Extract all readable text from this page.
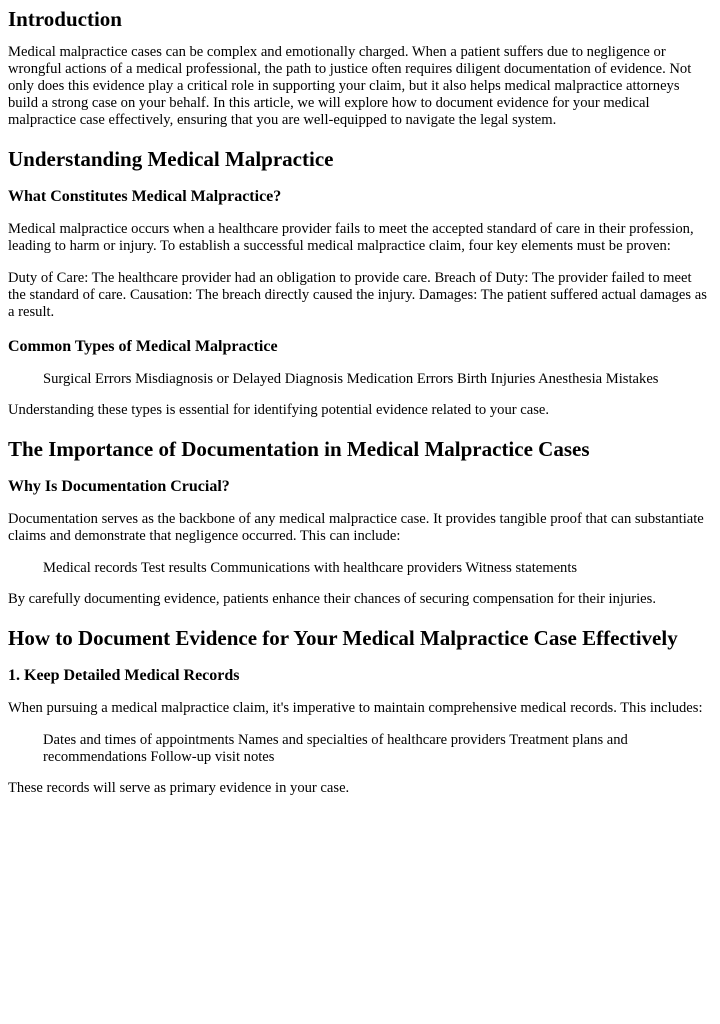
Introduction

Medical malpractice cases can be complex and emotionally charged. When a patient suffers due to negligence or wrongful actions of a medical professional, the path to justice often requires diligent documentation of evidence. Not only does this evidence play a critical role in supporting your claim, but it also helps medical malpractice attorneys build a strong case on your behalf. In this article, we will explore how to document evidence for your medical malpractice case effectively, ensuring that you are well-equipped to navigate the legal system.

Understanding Medical Malpractice
What Constitutes Medical Malpractice?

Medical malpractice occurs when a healthcare provider fails to meet the accepted standard of care in their profession, leading to harm or injury. To establish a successful medical malpractice claim, four key elements must be proven:

Duty of Care: The healthcare provider had an obligation to provide care. Breach of Duty: The provider failed to meet the standard of care. Causation: The breach directly caused the injury. Damages: The patient suffered actual damages as a result.

Common Types of Medical Malpractice
Surgical Errors Misdiagnosis or Delayed Diagnosis Medication Errors Birth Injuries Anesthesia Mistakes

Understanding these types is essential for identifying potential evidence related to your case.

The Importance of Documentation in Medical Malpractice Cases
Why Is Documentation Crucial?

Documentation serves as the backbone of any medical malpractice case. It provides tangible proof that can substantiate claims and demonstrate that negligence occurred. This can include:

Medical records Test results Communications with healthcare providers Witness statements

By carefully documenting evidence, patients enhance their chances of securing compensation for their injuries.

How to Document Evidence for Your Medical Malpractice Case Effectively
1. Keep Detailed Medical Records

When pursuing a medical malpractice claim, it's imperative to maintain comprehensive medical records. This includes:

Dates and times of appointments Names and specialties of healthcare providers Treatment plans and recommendations Follow-up visit notes

These records will serve as primary evidence in your case.
